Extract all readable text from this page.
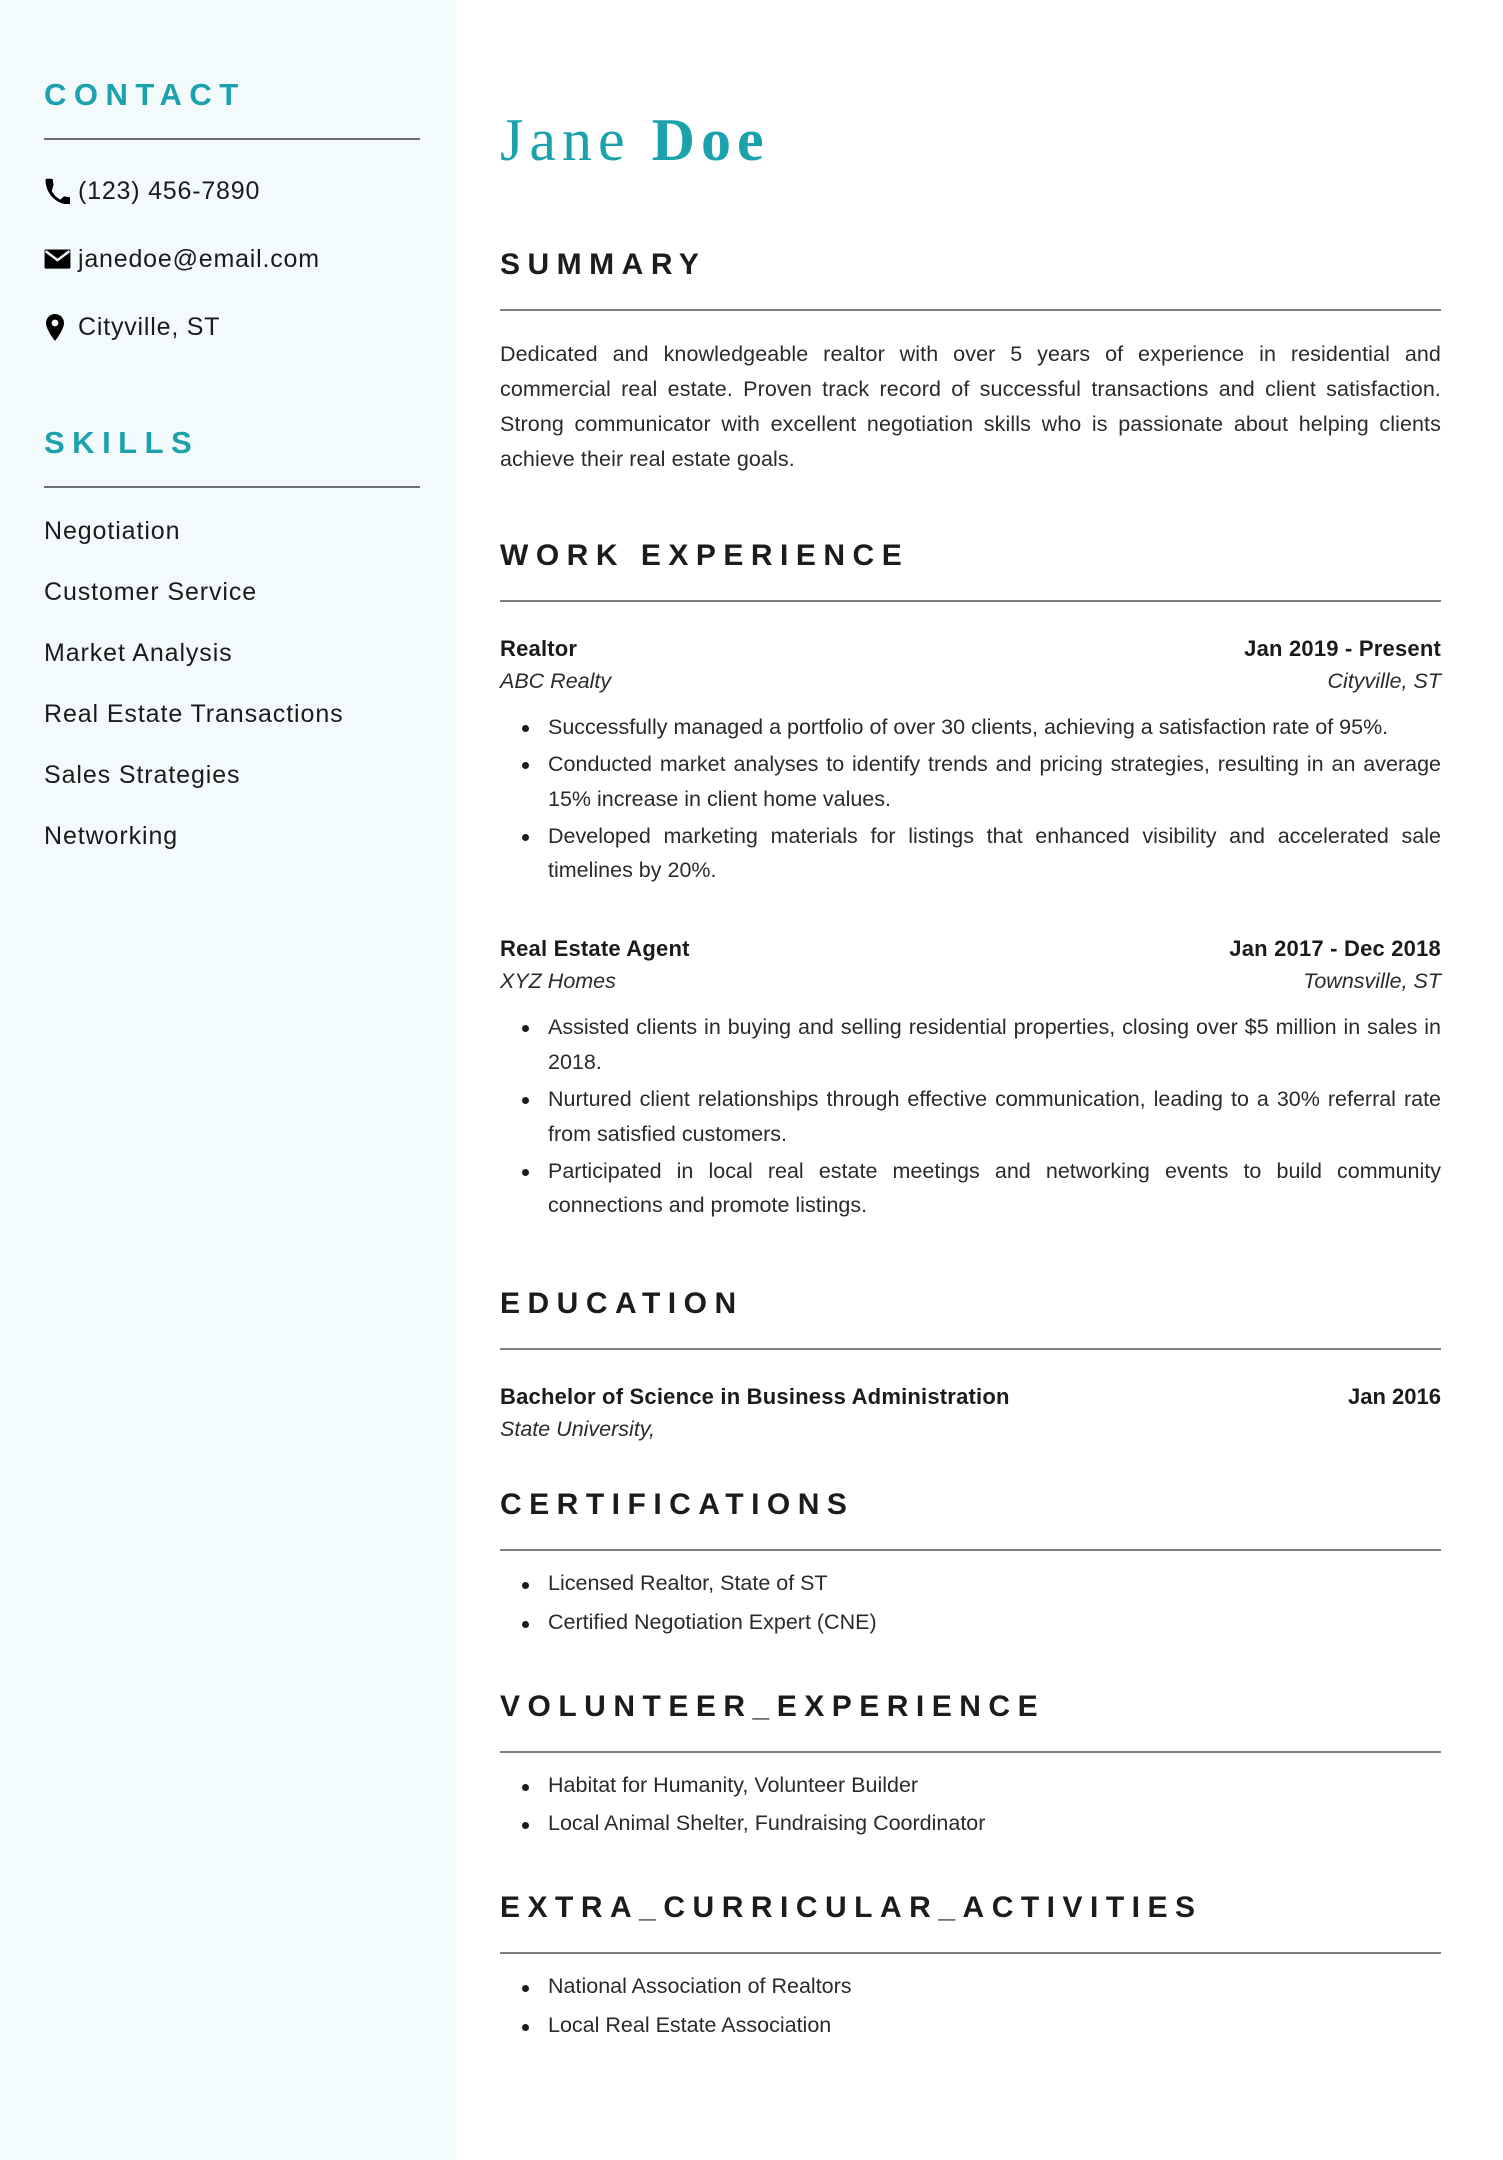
CONTACT
(123) 456-7890
janedoe@email.com
Cityville, ST
SKILLS
Negotiation
Customer Service
Market Analysis
Real Estate Transactions
Sales Strategies
Networking
Jane Doe
SUMMARY

Dedicated and knowledgeable realtor with over 5 years of experience in residential and commercial real estate. Proven track record of successful transactions and client satisfaction. Strong communicator with excellent negotiation skills who is passionate about helping clients achieve their real estate goals.

WORK EXPERIENCE
Realtor	Jan 2019 - Present
ABC Realty	Cityville, ST
Successfully managed a portfolio of over 30 clients, achieving a satisfaction rate of 95%.
Conducted market analyses to identify trends and pricing strategies, resulting in an average 15% increase in client home values.
Developed marketing materials for listings that enhanced visibility and accelerated sale timelines by 20%.
Real Estate Agent	Jan 2017 - Dec 2018
XYZ Homes	Townsville, ST
Assisted clients in buying and selling residential properties, closing over $5 million in sales in 2018.
Nurtured client relationships through effective communication, leading to a 30% referral rate from satisfied customers.
Participated in local real estate meetings and networking events to build community connections and promote listings.
EDUCATION
Bachelor of Science in Business Administration	Jan 2016
State University,
CERTIFICATIONS
Licensed Realtor, State of ST
Certified Negotiation Expert (CNE)
VOLUNTEER_EXPERIENCE
Habitat for Humanity, Volunteer Builder
Local Animal Shelter, Fundraising Coordinator
EXTRA_CURRICULAR_ACTIVITIES
National Association of Realtors
Local Real Estate Association
